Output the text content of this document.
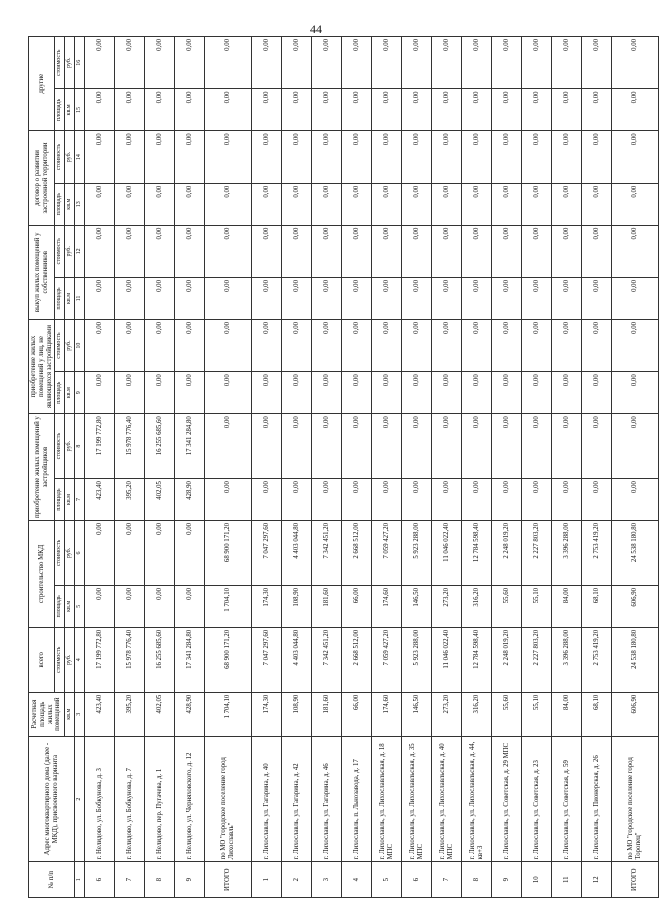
44
№ п/п	Адрес многоквартирного дома (далее - МКД), присвоенного варианта	Расчетная площадь жилых помещений	всего	строительство МКД		приобретение жилых помещений у застройщиков		приобретение жилых помещений у лиц, не являющихся застройщиками		выкуп жилых помещений у собственников		договор о развитии застроенной территории		другие	
			стоимость	площадь	стоимость	площадь	стоимость	площадь	стоимость	площадь	стоимость	площадь	стоимость	площадь	стоимость
		кв.м	руб.	кв.м	руб.	кв.м	руб.	кв.м	руб.	кв.м	руб.	кв.м	руб.	кв.м	руб.
1	2	3	4	5	6	7	8	9	10	11	12	13	14	15	16
6	г. Нелидово, ул. Бобкунова, д. 3	423,40	17 199 772,80	0,00	0,00	423,40	17 199 772,80	0,00	0,00	0,00	0,00	0,00	0,00	0,00	0,00
7	г. Нелидово, ул. Бобкунова, д. 7	395,20	15 978 776,40	0,00	0,00	395,20	15 978 776,40	0,00	0,00	0,00	0,00	0,00	0,00	0,00	0,00
8	г. Нелидово, пер. Пугачева, д. 1	402,05	16 255 685,60	0,00	0,00	402,05	16 255 685,60	0,00	0,00	0,00	0,00	0,00	0,00	0,00	0,00
9	г. Нелидово, ул. Черняховского, д. 12	428,90	17 341 284,80	0,00	0,00	428,90	17 341 284,80	0,00	0,00	0,00	0,00	0,00	0,00	0,00	0,00
ИТОГО	по МО "городское поселение город Лихославль"	1 704,10	68 900 171,20	1 704,10	68 900 171,20	0,00	0,00	0,00	0,00	0,00	0,00	0,00	0,00	0,00	0,00
1	г. Лихославль, ул. Гагарина, д. 40	174,30	7 047 297,60	174,30	7 047 297,60	0,00	0,00	0,00	0,00	0,00	0,00	0,00	0,00	0,00	0,00
2	г. Лихославль, ул. Гагарина, д. 42	108,90	4 403 044,80	108,90	4 403 044,80	0,00	0,00	0,00	0,00	0,00	0,00	0,00	0,00	0,00	0,00
3	г. Лихославль, ул. Гагарина, д. 46	181,60	7 342 451,20	181,60	7 342 451,20	0,00	0,00	0,00	0,00	0,00	0,00	0,00	0,00	0,00	0,00
4	г. Лихославль, п. Льнозавода, д. 17	66,00	2 668 512,00	66,00	2 668 512,00	0,00	0,00	0,00	0,00	0,00	0,00	0,00	0,00	0,00	0,00
5	г. Лихославль, ул. Лихославльская, д. 18 МПС	174,60	7 059 427,20	174,60	7 059 427,20	0,00	0,00	0,00	0,00	0,00	0,00	0,00	0,00	0,00	0,00
6	г. Лихославль, ул. Лихославльская, д. 35 МПС	146,50	5 923 288,00	146,50	5 923 288,00	0,00	0,00	0,00	0,00	0,00	0,00	0,00	0,00	0,00	0,00
7	г. Лихославль, ул. Лихославльская, д. 40 МПС	273,20	11 046 022,40	273,20	11 046 022,40	0,00	0,00	0,00	0,00	0,00	0,00	0,00	0,00	0,00	0,00
8	г. Лихославль, ул. Лихославльская, д. 44, кв+3	316,20	12 784 598,40	316,20	12 784 598,40	0,00	0,00	0,00	0,00	0,00	0,00	0,00	0,00	0,00	0,00
9	г. Лихославль, ул. Советская, д. 29 МПС	55,60	2 248 019,20	55,60	2 248 019,20	0,00	0,00	0,00	0,00	0,00	0,00	0,00	0,00	0,00	0,00
10	г. Лихославль, ул. Советская, д. 23	55,10	2 227 803,20	55,10	2 227 803,20	0,00	0,00	0,00	0,00	0,00	0,00	0,00	0,00	0,00	0,00
11	г. Лихославль, ул. Советская, д. 59	84,00	3 396 288,00	84,00	3 396 288,00	0,00	0,00	0,00	0,00	0,00	0,00	0,00	0,00	0,00	0,00
12	г. Лихославль, ул. Пионерская, д. 26	68,10	2 753 419,20	68,10	2 753 419,20	0,00	0,00	0,00	0,00	0,00	0,00	0,00	0,00	0,00	0,00
ИТОГО	по МО "городское поселение город Торопец"	606,90	24 538 180,80	606,90	24 538 180,80	0,00	0,00	0,00	0,00	0,00	0,00	0,00	0,00	0,00	0,00
